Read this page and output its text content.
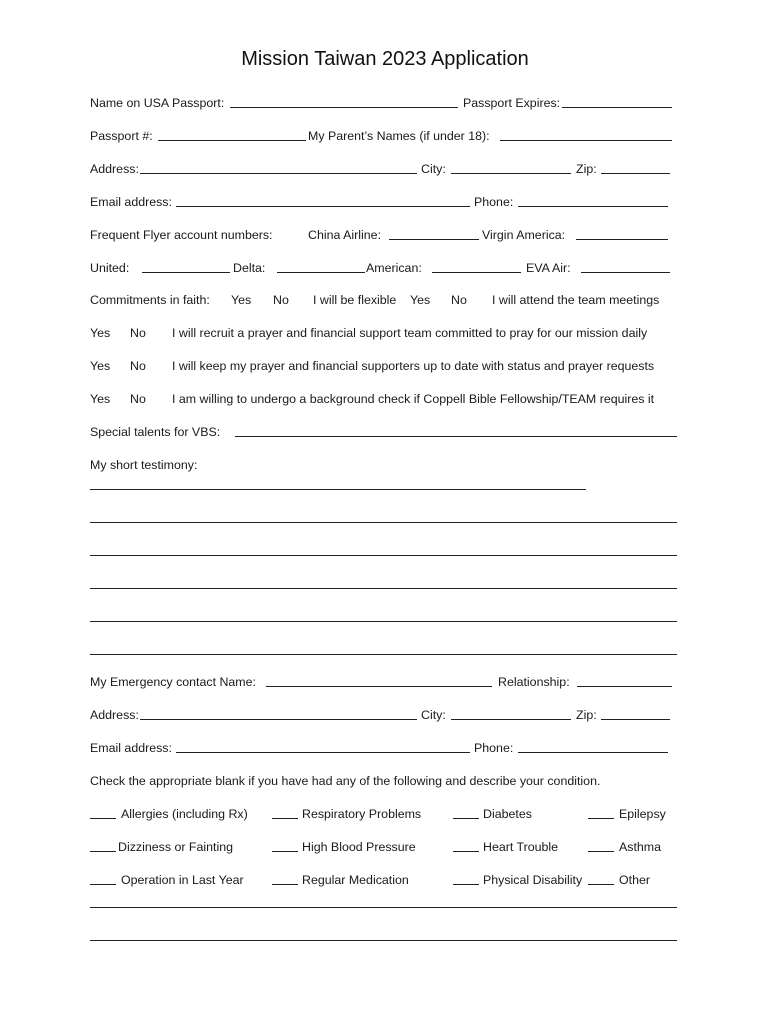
Mission Taiwan 2023 Application
Name on USA Passport:	Passport Expires:
Passport #:	My Parent’s Names (if under 18):
Address:	City:	Zip:
Email address:	Phone:
Frequent Flyer account numbers:	China Airline:	Virgin America:
United:	Delta:	American:	EVA Air:
Commitments in faith: Yes No I will be flexible Yes No I will attend the team meetings
Yes No I will recruit a prayer and financial support team committed to pray for our mission daily
Yes No I will keep my prayer and financial supporters up to date with status and prayer requests
Yes No I am willing to undergo a background check if Coppell Bible Fellowship/TEAM requires it
Special talents for VBS:
My short testimony:
My Emergency contact Name:	Relationship:
Address:	City:	Zip:
Email address:	Phone:
Check the appropriate blank if you have had any of the following and describe your condition.
Allergies (including Rx)	Respiratory Problems	Diabetes	Epilepsy
Dizziness or Fainting	High Blood Pressure	Heart Trouble	Asthma
Operation in Last Year	Regular Medication	Physical Disability	Other
